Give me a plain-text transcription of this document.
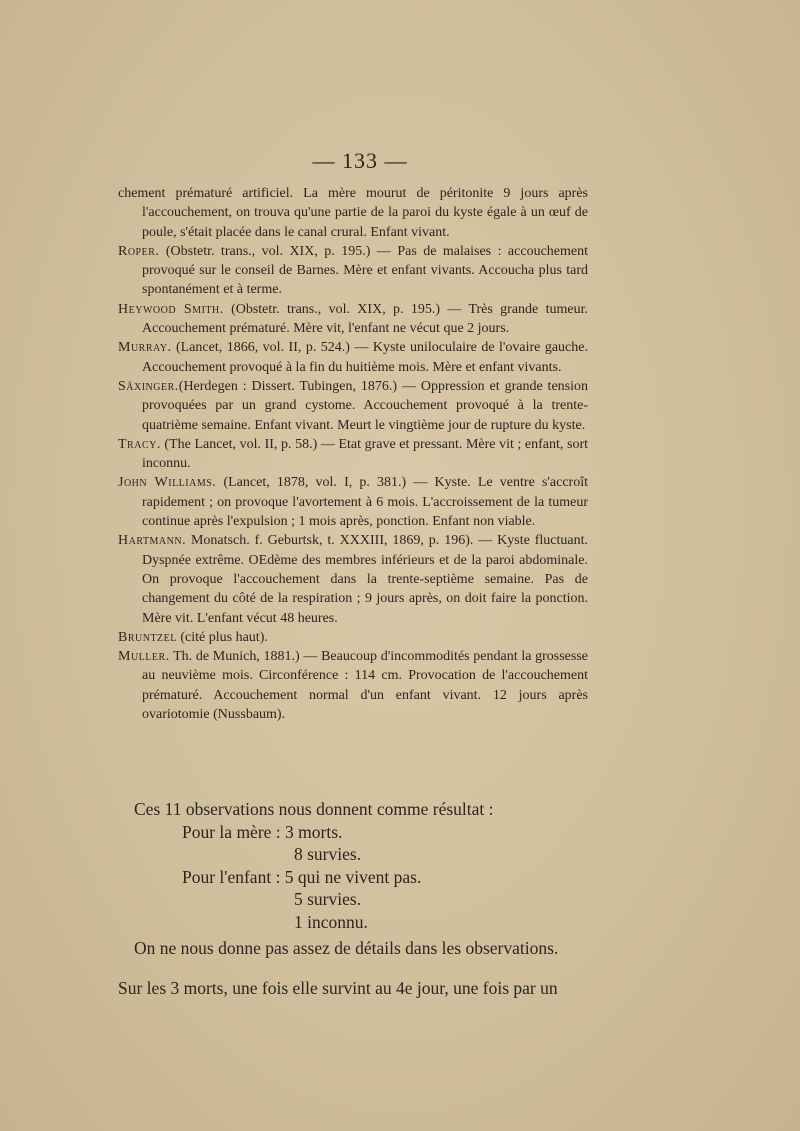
— 133 —
chement prématuré artificiel. La mère mourut de péritonite 9 jours après l'accouchement, on trouva qu'une partie de la paroi du kyste égale à un œuf de poule, s'était placée dans le canal crural. Enfant vivant.
Roper. (Obstetr. trans., vol. XIX, p. 195.) — Pas de malaises : accouchement provoqué sur le conseil de Barnes. Mère et enfant vivants. Accoucha plus tard spontanément et à terme.
Heywood Smith. (Obstetr. trans., vol. XIX, p. 195.) — Très grande tumeur. Accouchement prématuré. Mère vit, l'enfant ne vécut que 2 jours.
Murray. (Lancet, 1866, vol. II, p. 524.) — Kyste uniloculaire de l'ovaire gauche. Accouchement provoqué à la fin du huitième mois. Mère et enfant vivants.
Säxinger.(Herdegen : Dissert. Tubingen, 1876.) — Oppression et grande tension provoquées par un grand cystome. Accouchement provoqué à la trente-quatrième semaine. Enfant vivant. Meurt le vingtième jour de rupture du kyste.
Tracy. (The Lancet, vol. II, p. 58.) — Etat grave et pressant. Mère vit ; enfant, sort inconnu.
John Williams. (Lancet, 1878, vol. I, p. 381.) — Kyste. Le ventre s'accroît rapidement ; on provoque l'avortement à 6 mois. L'accroissement de la tumeur continue après l'expulsion ; 1 mois après, ponction. Enfant non viable.
Hartmann. Monatsch. f. Geburtsk, t. XXXIII, 1869, p. 196). — Kyste fluctuant. Dyspnée extrême. OEdème des membres inférieurs et de la paroi abdominale. On provoque l'accouchement dans la trente-septième semaine. Pas de changement du côté de la respiration ; 9 jours après, on doit faire la ponction. Mère vit. L'enfant vécut 48 heures.
Bruntzel (cité plus haut).
Muller. Th. de Munich, 1881.) — Beaucoup d'incommodités pendant la grossesse au neuvième mois. Circonférence : 114 cm. Provocation de l'accouchement prématuré. Accouchement normal d'un enfant vivant. 12 jours après ovariotomie (Nussbaum).

Ces 11 observations nous donnent comme résultat :

Pour la mère : 3 morts.

8 survies.

Pour l'enfant : 5 qui ne vivent pas.

5 survies.

1 inconnu.

On ne nous donne pas assez de détails dans les observations.

Sur les 3 morts, une fois elle survint au 4e jour, une fois par un
